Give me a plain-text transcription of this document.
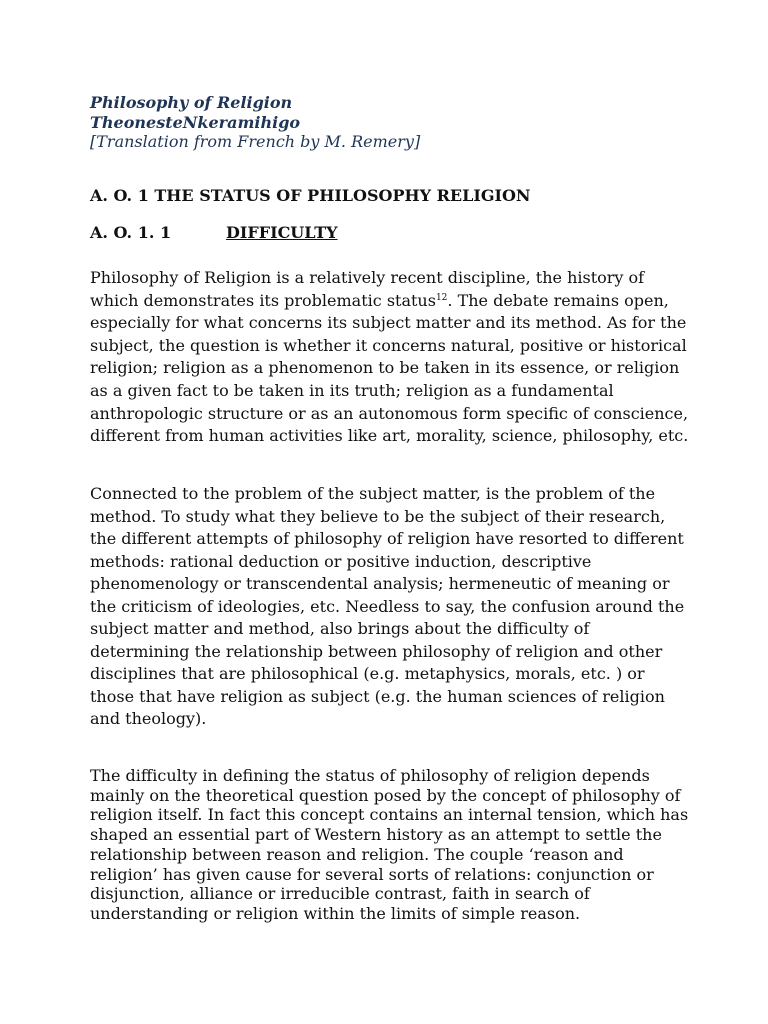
Philosophy of Religion
TheonesteNkeramihigo
[Translation from French by M. Remery]
A. O. 1 THE STATUS OF PHILOSOPHY RELIGION
A. O. 1. 1	DIFFICULTY

Philosophy of Religion is a relatively recent discipline, the history of which demonstrates its problematic status$^{12}$. The debate remains open, especially for what concerns its subject matter and its method. As for the subject, the question is whether it concerns natural, positive or historical religion; religion as a phenomenon to be taken in its essence, or religion as a given fact to be taken in its truth; religion as a fundamental anthropologic structure or as an autonomous form specific of conscience, different from human activities like art, morality, science, philosophy, etc.

Connected to the problem of the subject matter, is the problem of the method. To study what they believe to be the subject of their research, the different attempts of philosophy of religion have resorted to different methods: rational deduction or positive induction, descriptive phenomenology or transcendental analysis; hermeneutic of meaning or the criticism of ideologies, etc. Needless to say, the confusion around the subject matter and method, also brings about the difficulty of determining the relationship between philosophy of religion and other disciplines that are philosophical (e.g. metaphysics, morals, etc. ) or those that have religion as subject (e.g. the human sciences of religion and theology).

The difficulty in defining the status of philosophy of religion depends mainly on the theoretical question posed by the concept of philosophy of religion itself. In fact this concept contains an internal tension, which has shaped an essential part of Western history as an attempt to settle the relationship between reason and religion. The couple ‘reason and religion’ has given cause for several sorts of relations: conjunction or disjunction, alliance or irreducible contrast, faith in search of understanding or religion within the limits of simple reason.
